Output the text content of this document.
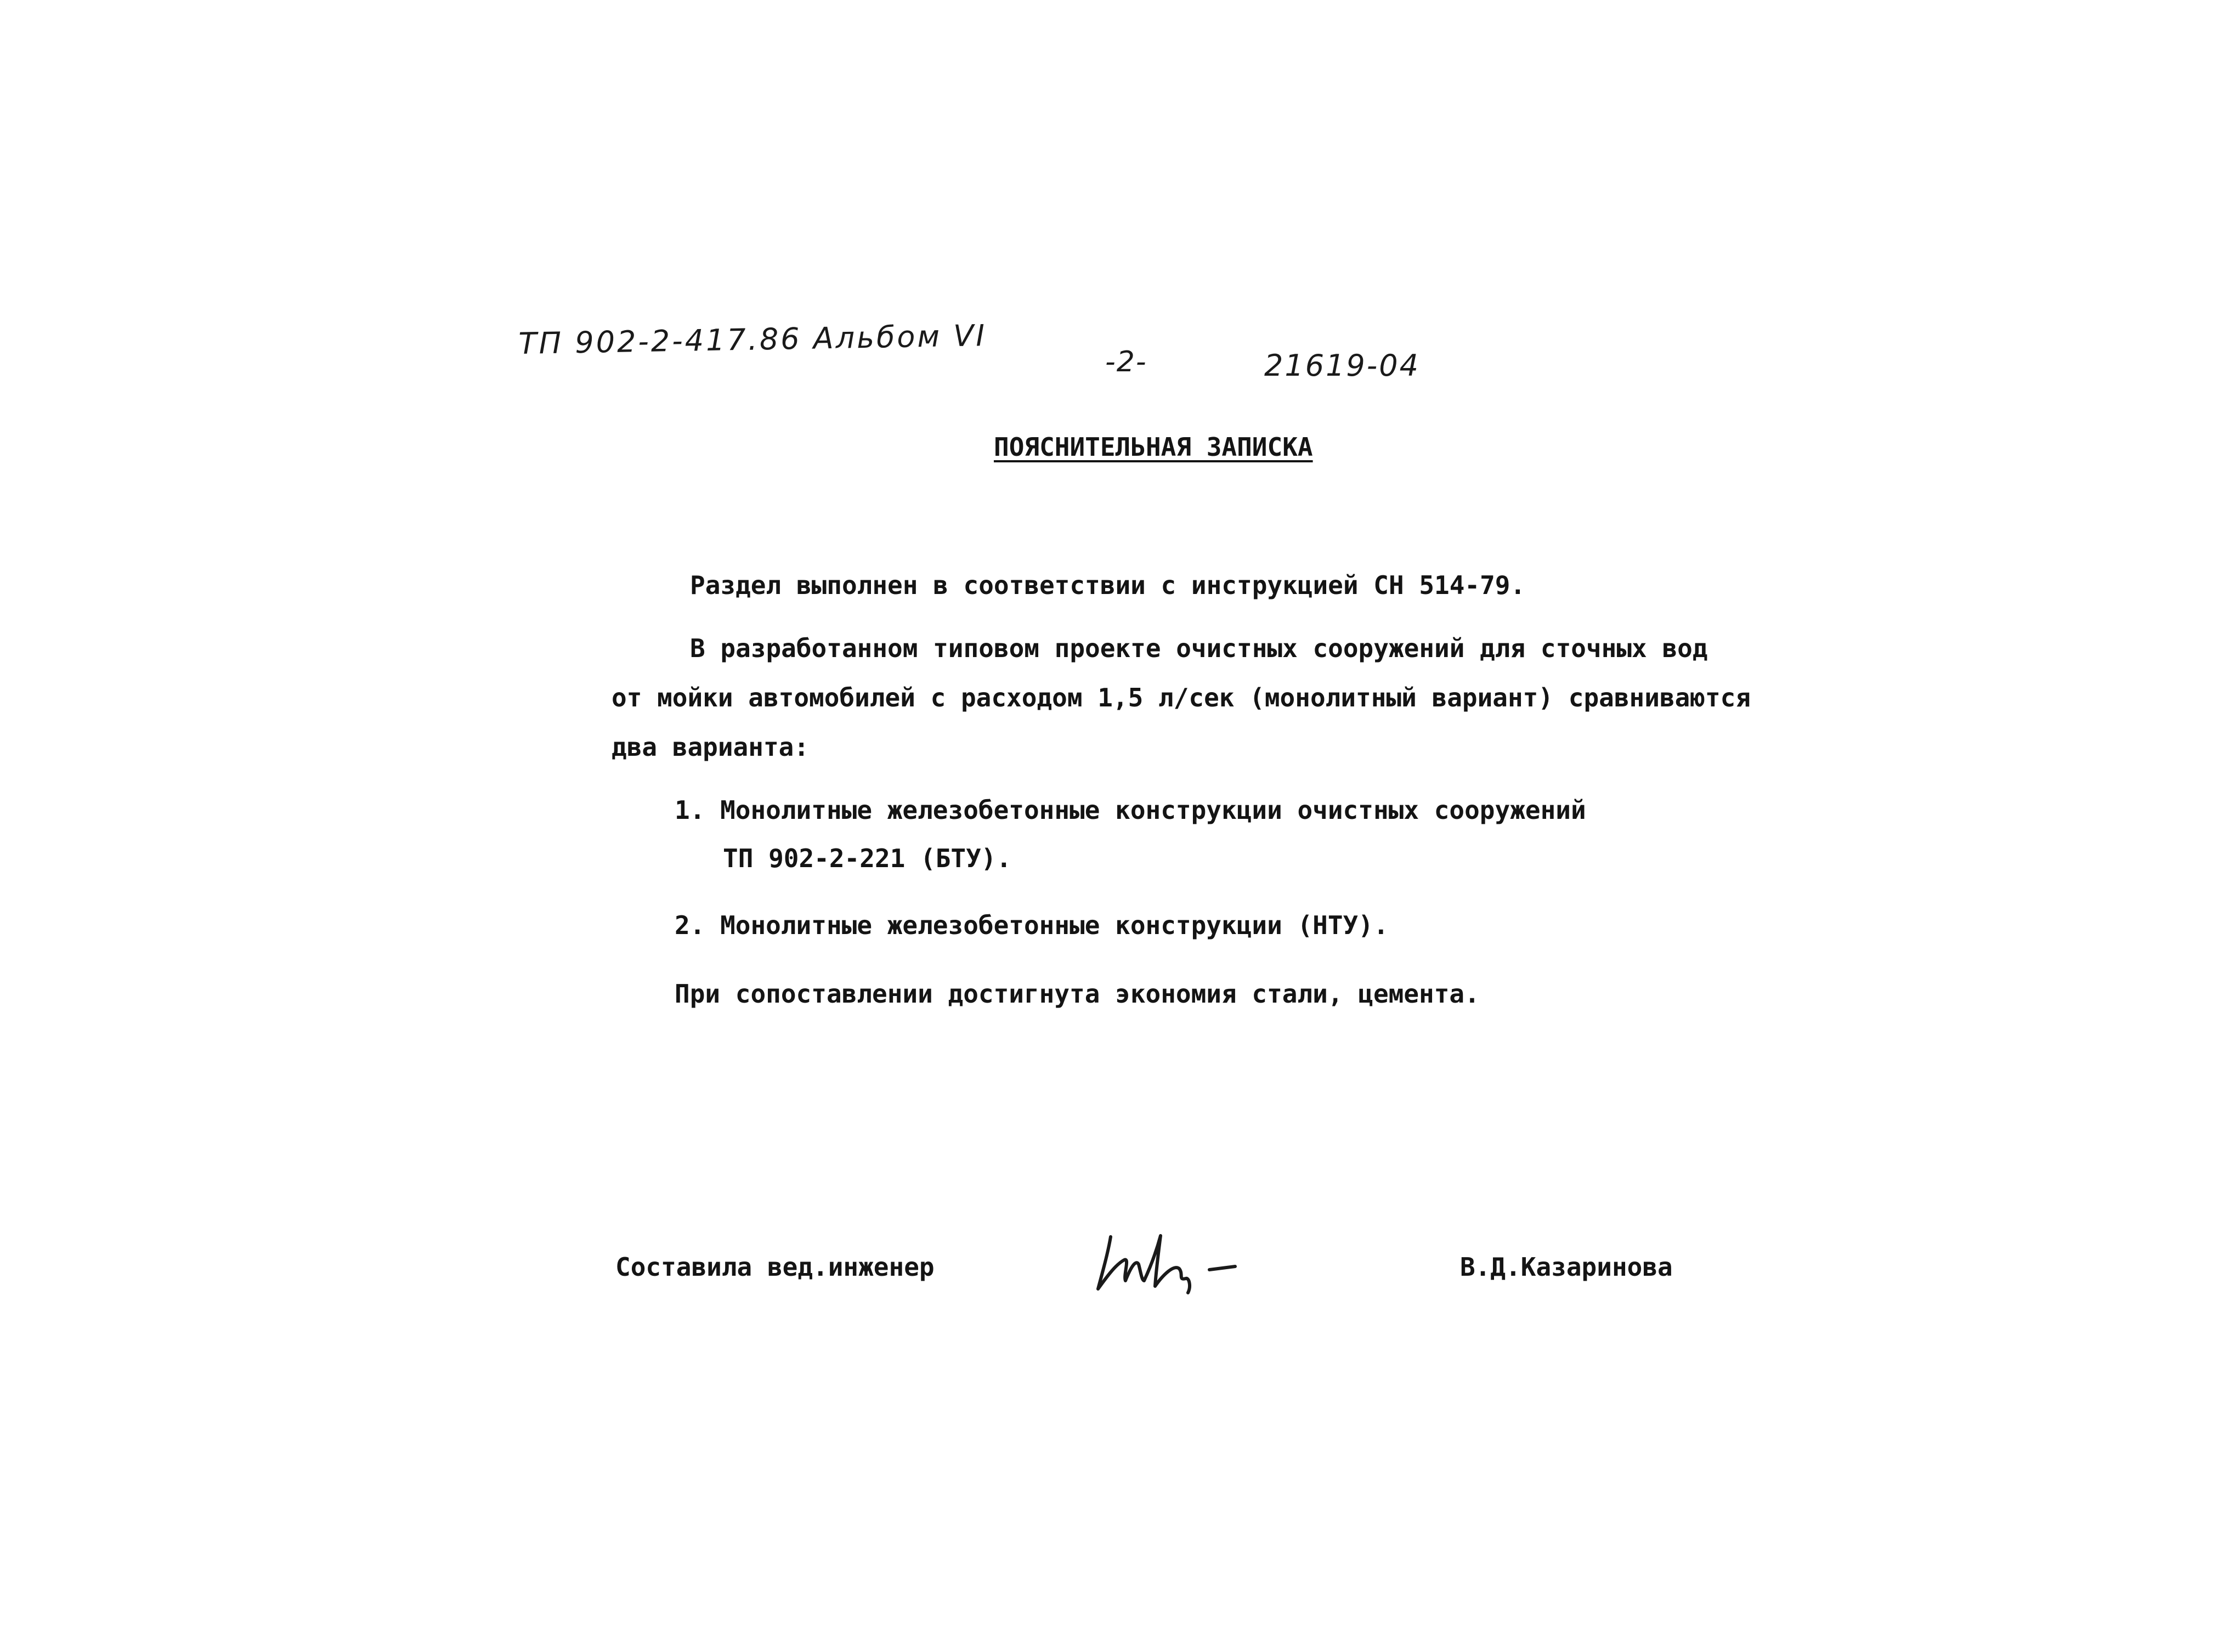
ТП 902-2-417.86 Альбом VI
-2-	21619-04
ПОЯСНИТЕЛЬНАЯ ЗАПИСКА
Раздел выполнен в соответствии с инструкцией СН 514-79.
В разработанном типовом проекте очистных сооружений для сточных вод
от мойки автомобилей с расходом 1,5 л/сек (монолитный вариант) сравниваются
два варианта:
1. Монолитные железобетонные конструкции очистных сооружений
ТП 902-2-221 (БТУ).
2. Монолитные железобетонные конструкции (НТУ).
При сопоставлении достигнута экономия стали, цемента.
Составила вед.инженер	В.Д.Казаринова
